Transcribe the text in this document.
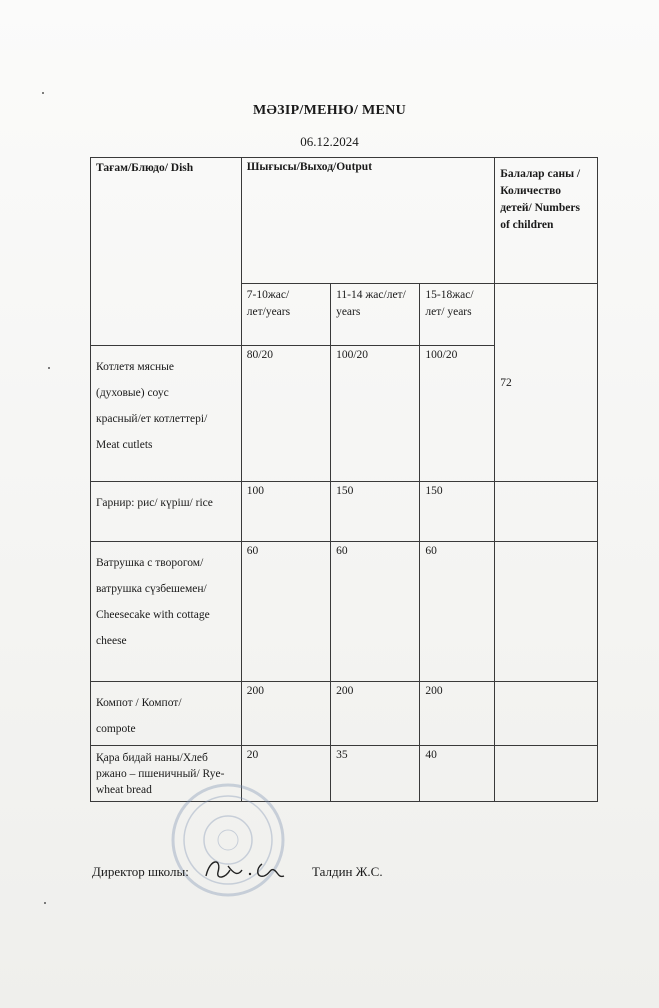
МӘЗІР/МЕНЮ/ MENU
06.12.2024
Тағам/Блюдо/ Dish	Шығысы/Выход/Output			Балалар саны /Количество детей/ Numbers of children
	7-10жас/лет/years	11-14 жас/лет/ years	15-18жас/лет/ years	72

Котлетя мясные
(духовые) соус
красный/ет котлеттері/
Meat cutlets	80/20	100/20	100/20	

Гарнир: рис/ күріш/ rice	100	150	150	

Ватрушка с творогом/
ватрушка сүзбешемен/
Cheesecake with cottage
cheese	60	60	60	

Компот / Компот/
compote	200	200	200	

Қара бидай наны/Хлеб ржано – пшеничный/ Rye-wheat bread	20	35	40	
Директор школы:	Талдин Ж.С.
